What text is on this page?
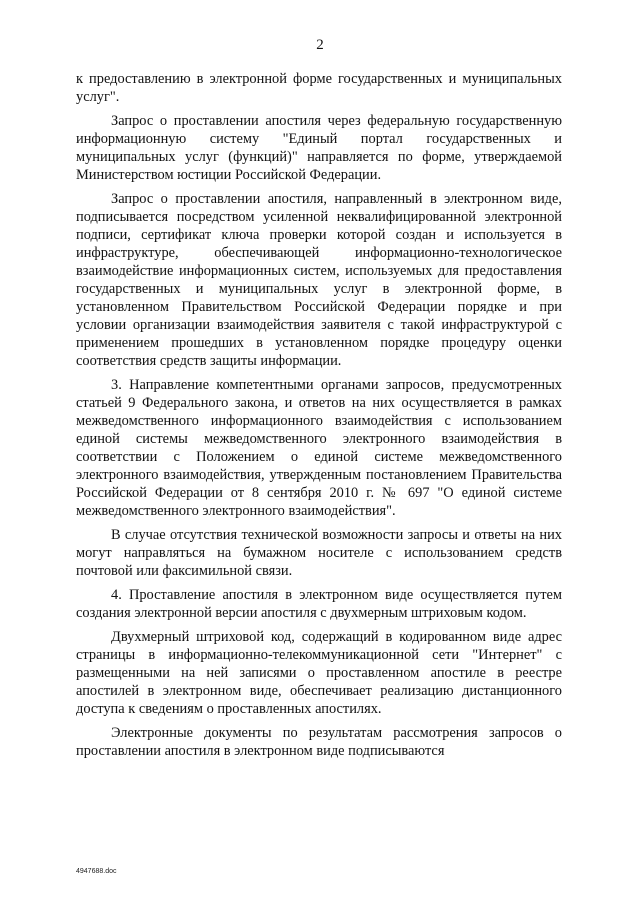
2

к предоставлению в электронной форме государственных и муниципальных услуг".

Запрос о проставлении апостиля через федеральную государственную информационную систему "Единый портал государственных и муниципальных услуг (функций)" направляется по форме, утверждаемой Министерством юстиции Российской Федерации.

Запрос о проставлении апостиля, направленный в электронном виде, подписывается посредством усиленной неквалифицированной электронной подписи, сертификат ключа проверки которой создан и используется в инфраструктуре, обеспечивающей информационно-технологическое взаимодействие информационных систем, используемых для предоставления государственных и муниципальных услуг в электронной форме, в установленном Правительством Российской Федерации порядке и при условии организации взаимодействия заявителя с такой инфраструктурой с применением прошедших в установленном порядке процедуру оценки соответствия средств защиты информации.

3. Направление компетентными органами запросов, предусмотренных статьей 9 Федерального закона, и ответов на них осуществляется в рамках межведомственного информационного взаимодействия с использованием единой системы межведомственного электронного взаимодействия в соответствии с Положением о единой системе межведомственного электронного взаимодействия, утвержденным постановлением Правительства Российской Федерации от 8 сентября 2010 г. № 697 "О единой системе межведомственного электронного взаимодействия".

В случае отсутствия технической возможности запросы и ответы на них могут направляться на бумажном носителе с использованием средств почтовой или факсимильной связи.

4. Проставление апостиля в электронном виде осуществляется путем создания электронной версии апостиля с двухмерным штриховым кодом.

Двухмерный штриховой код, содержащий в кодированном виде адрес страницы в информационно-телекоммуникационной сети "Интернет" с размещенными на ней записями о проставленном апостиле в реестре апостилей в электронном виде, обеспечивает реализацию дистанционного доступа к сведениям о проставленных апостилях.

Электронные документы по результатам рассмотрения запросов о проставлении апостиля в электронном виде подписываются

4947688.doc
